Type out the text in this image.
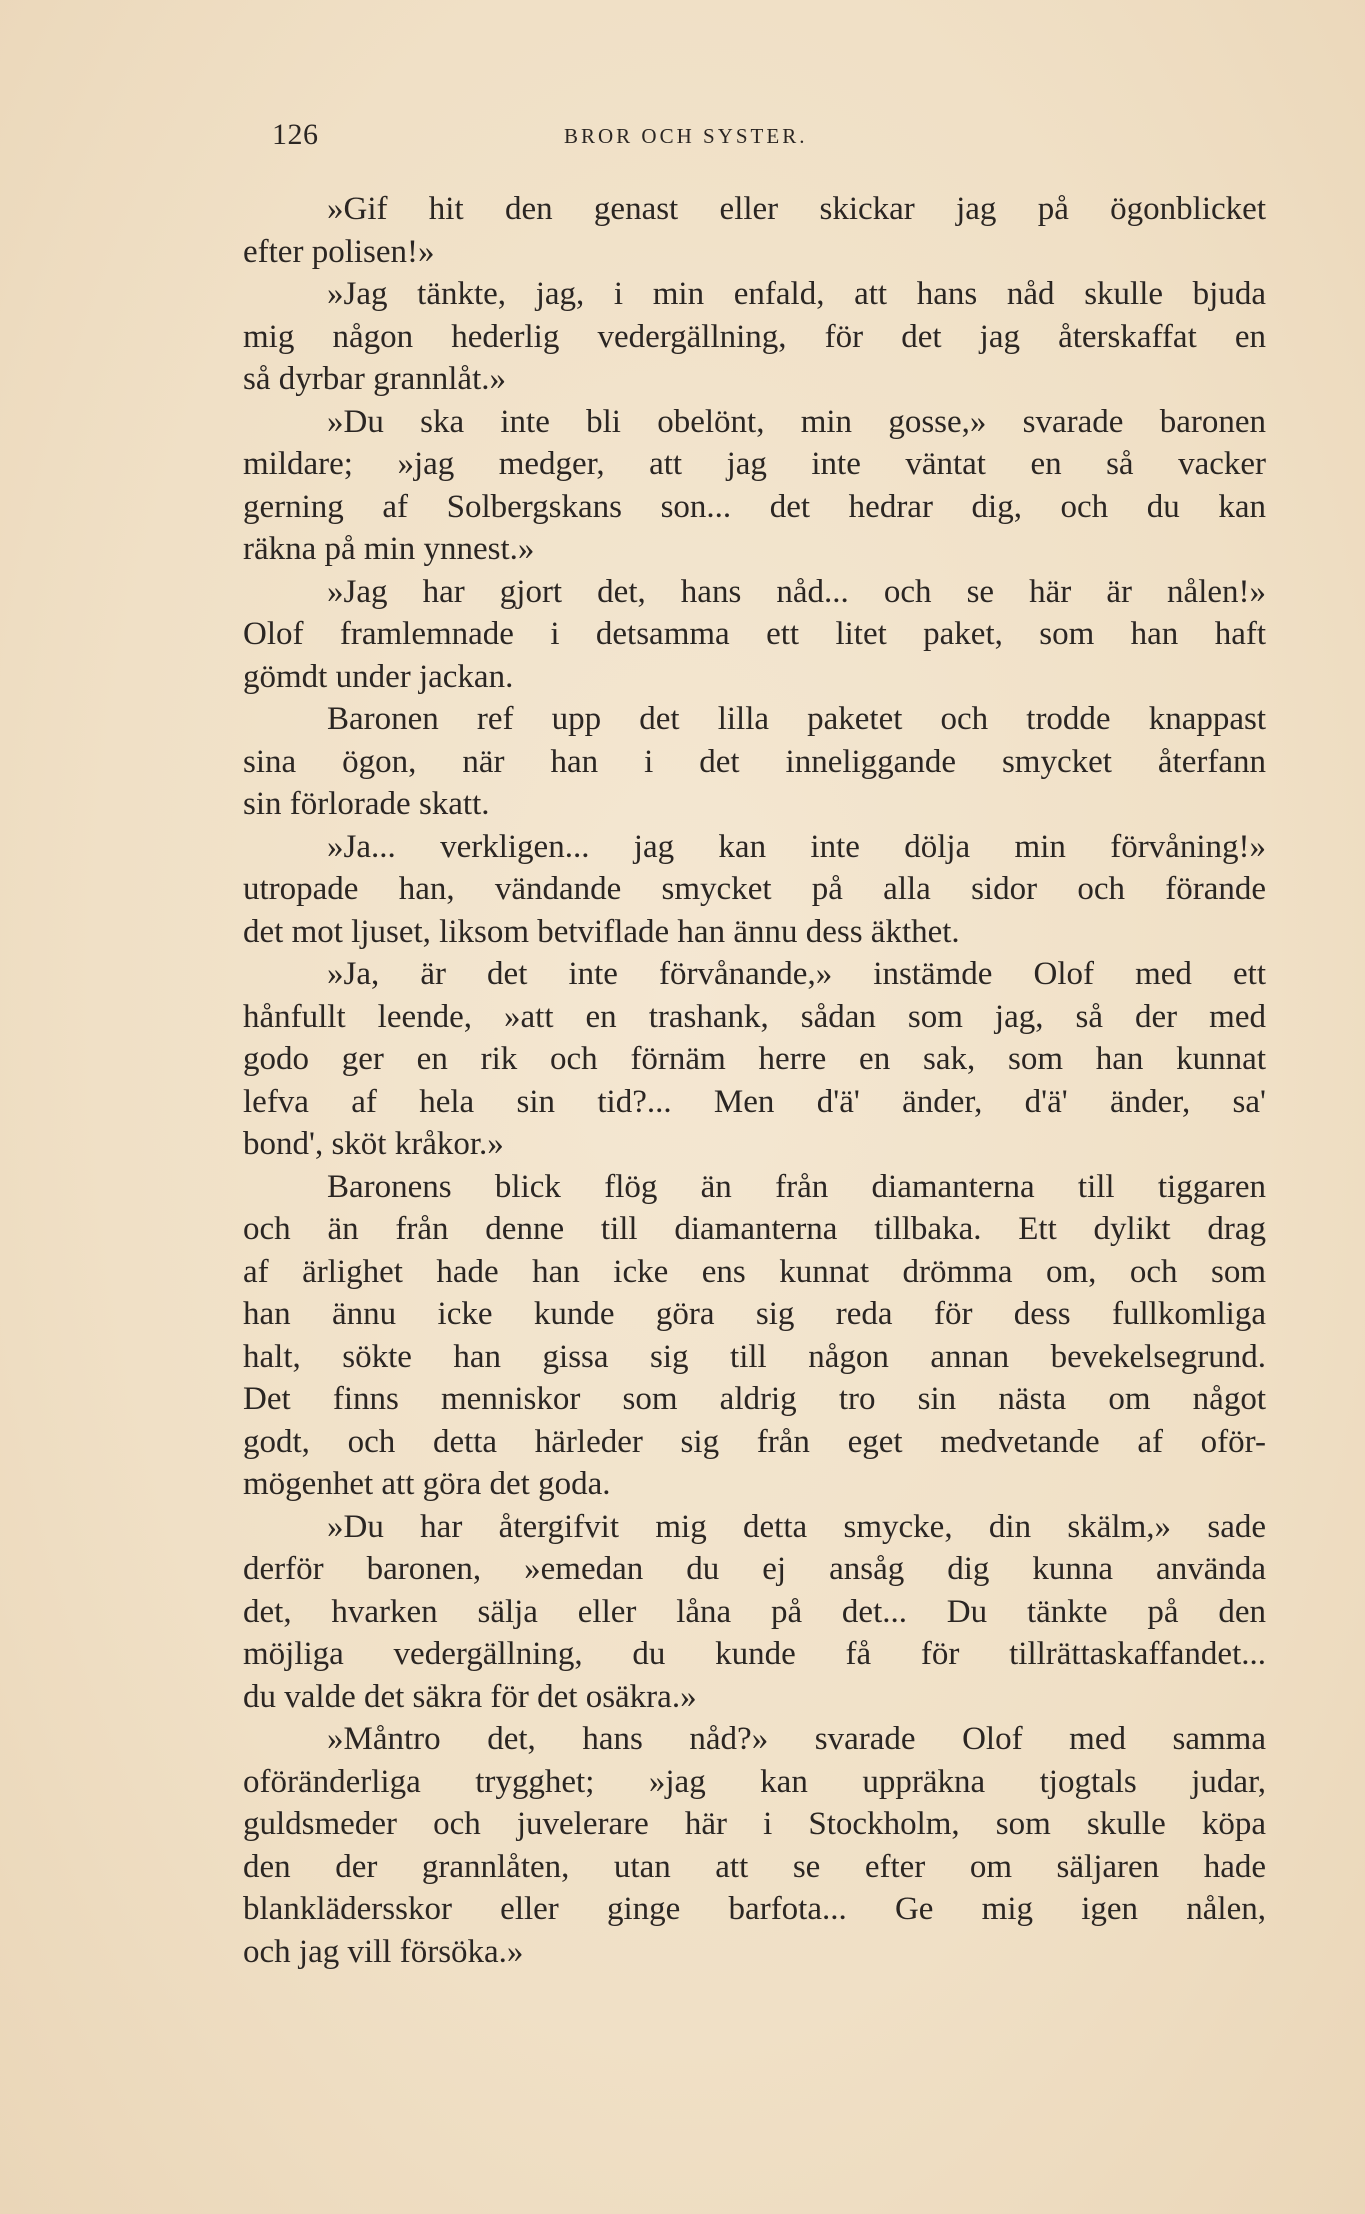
126	BROR OCH SYSTER.
»Gif hit den genast eller skickar jag på ögonblicket
efter polisen!»
»Jag tänkte, jag, i min enfald, att hans nåd skulle bjuda
mig någon hederlig vedergällning, för det jag återskaffat en
så dyrbar grannlåt.»
»Du ska inte bli obelönt, min gosse,» svarade baronen
mildare; »jag medger, att jag inte väntat en så vacker
gerning af Solbergskans son... det hedrar dig, och du kan
räkna på min ynnest.»
»Jag har gjort det, hans nåd... och se här är nålen!»
Olof framlemnade i detsamma ett litet paket, som han haft
gömdt under jackan.
Baronen ref upp det lilla paketet och trodde knappast
sina ögon, när han i det inneliggande smycket återfann
sin förlorade skatt.
»Ja... verkligen... jag kan inte dölja min förvåning!»
utropade han, vändande smycket på alla sidor och förande
det mot ljuset, liksom betviflade han ännu dess äkthet.
»Ja, är det inte förvånande,» instämde Olof med ett
hånfullt leende, »att en trashank, sådan som jag, så der med
godo ger en rik och förnäm herre en sak, som han kunnat
lefva af hela sin tid?... Men d'ä' änder, d'ä' änder, sa'
bond', sköt kråkor.»
Baronens blick flög än från diamanterna till tiggaren
och än från denne till diamanterna tillbaka. Ett dylikt drag
af ärlighet hade han icke ens kunnat drömma om, och som
han ännu icke kunde göra sig reda för dess fullkomliga
halt, sökte han gissa sig till någon annan bevekelsegrund.
Det finns menniskor som aldrig tro sin nästa om något
godt, och detta härleder sig från eget medvetande af oför-
mögenhet att göra det goda.
»Du har återgifvit mig detta smycke, din skälm,» sade
derför baronen, »emedan du ej ansåg dig kunna använda
det, hvarken sälja eller låna på det... Du tänkte på den
möjliga vedergällning, du kunde få för tillrättaskaffandet...
du valde det säkra för det osäkra.»
»Måntro det, hans nåd?» svarade Olof med samma
oföränderliga trygghet; »jag kan uppräkna tjogtals judar,
guldsmeder och juvelerare här i Stockholm, som skulle köpa
den der grannlåten, utan att se efter om säljaren hade
blanklädersskor eller ginge barfota... Ge mig igen nålen,
och jag vill försöka.»
